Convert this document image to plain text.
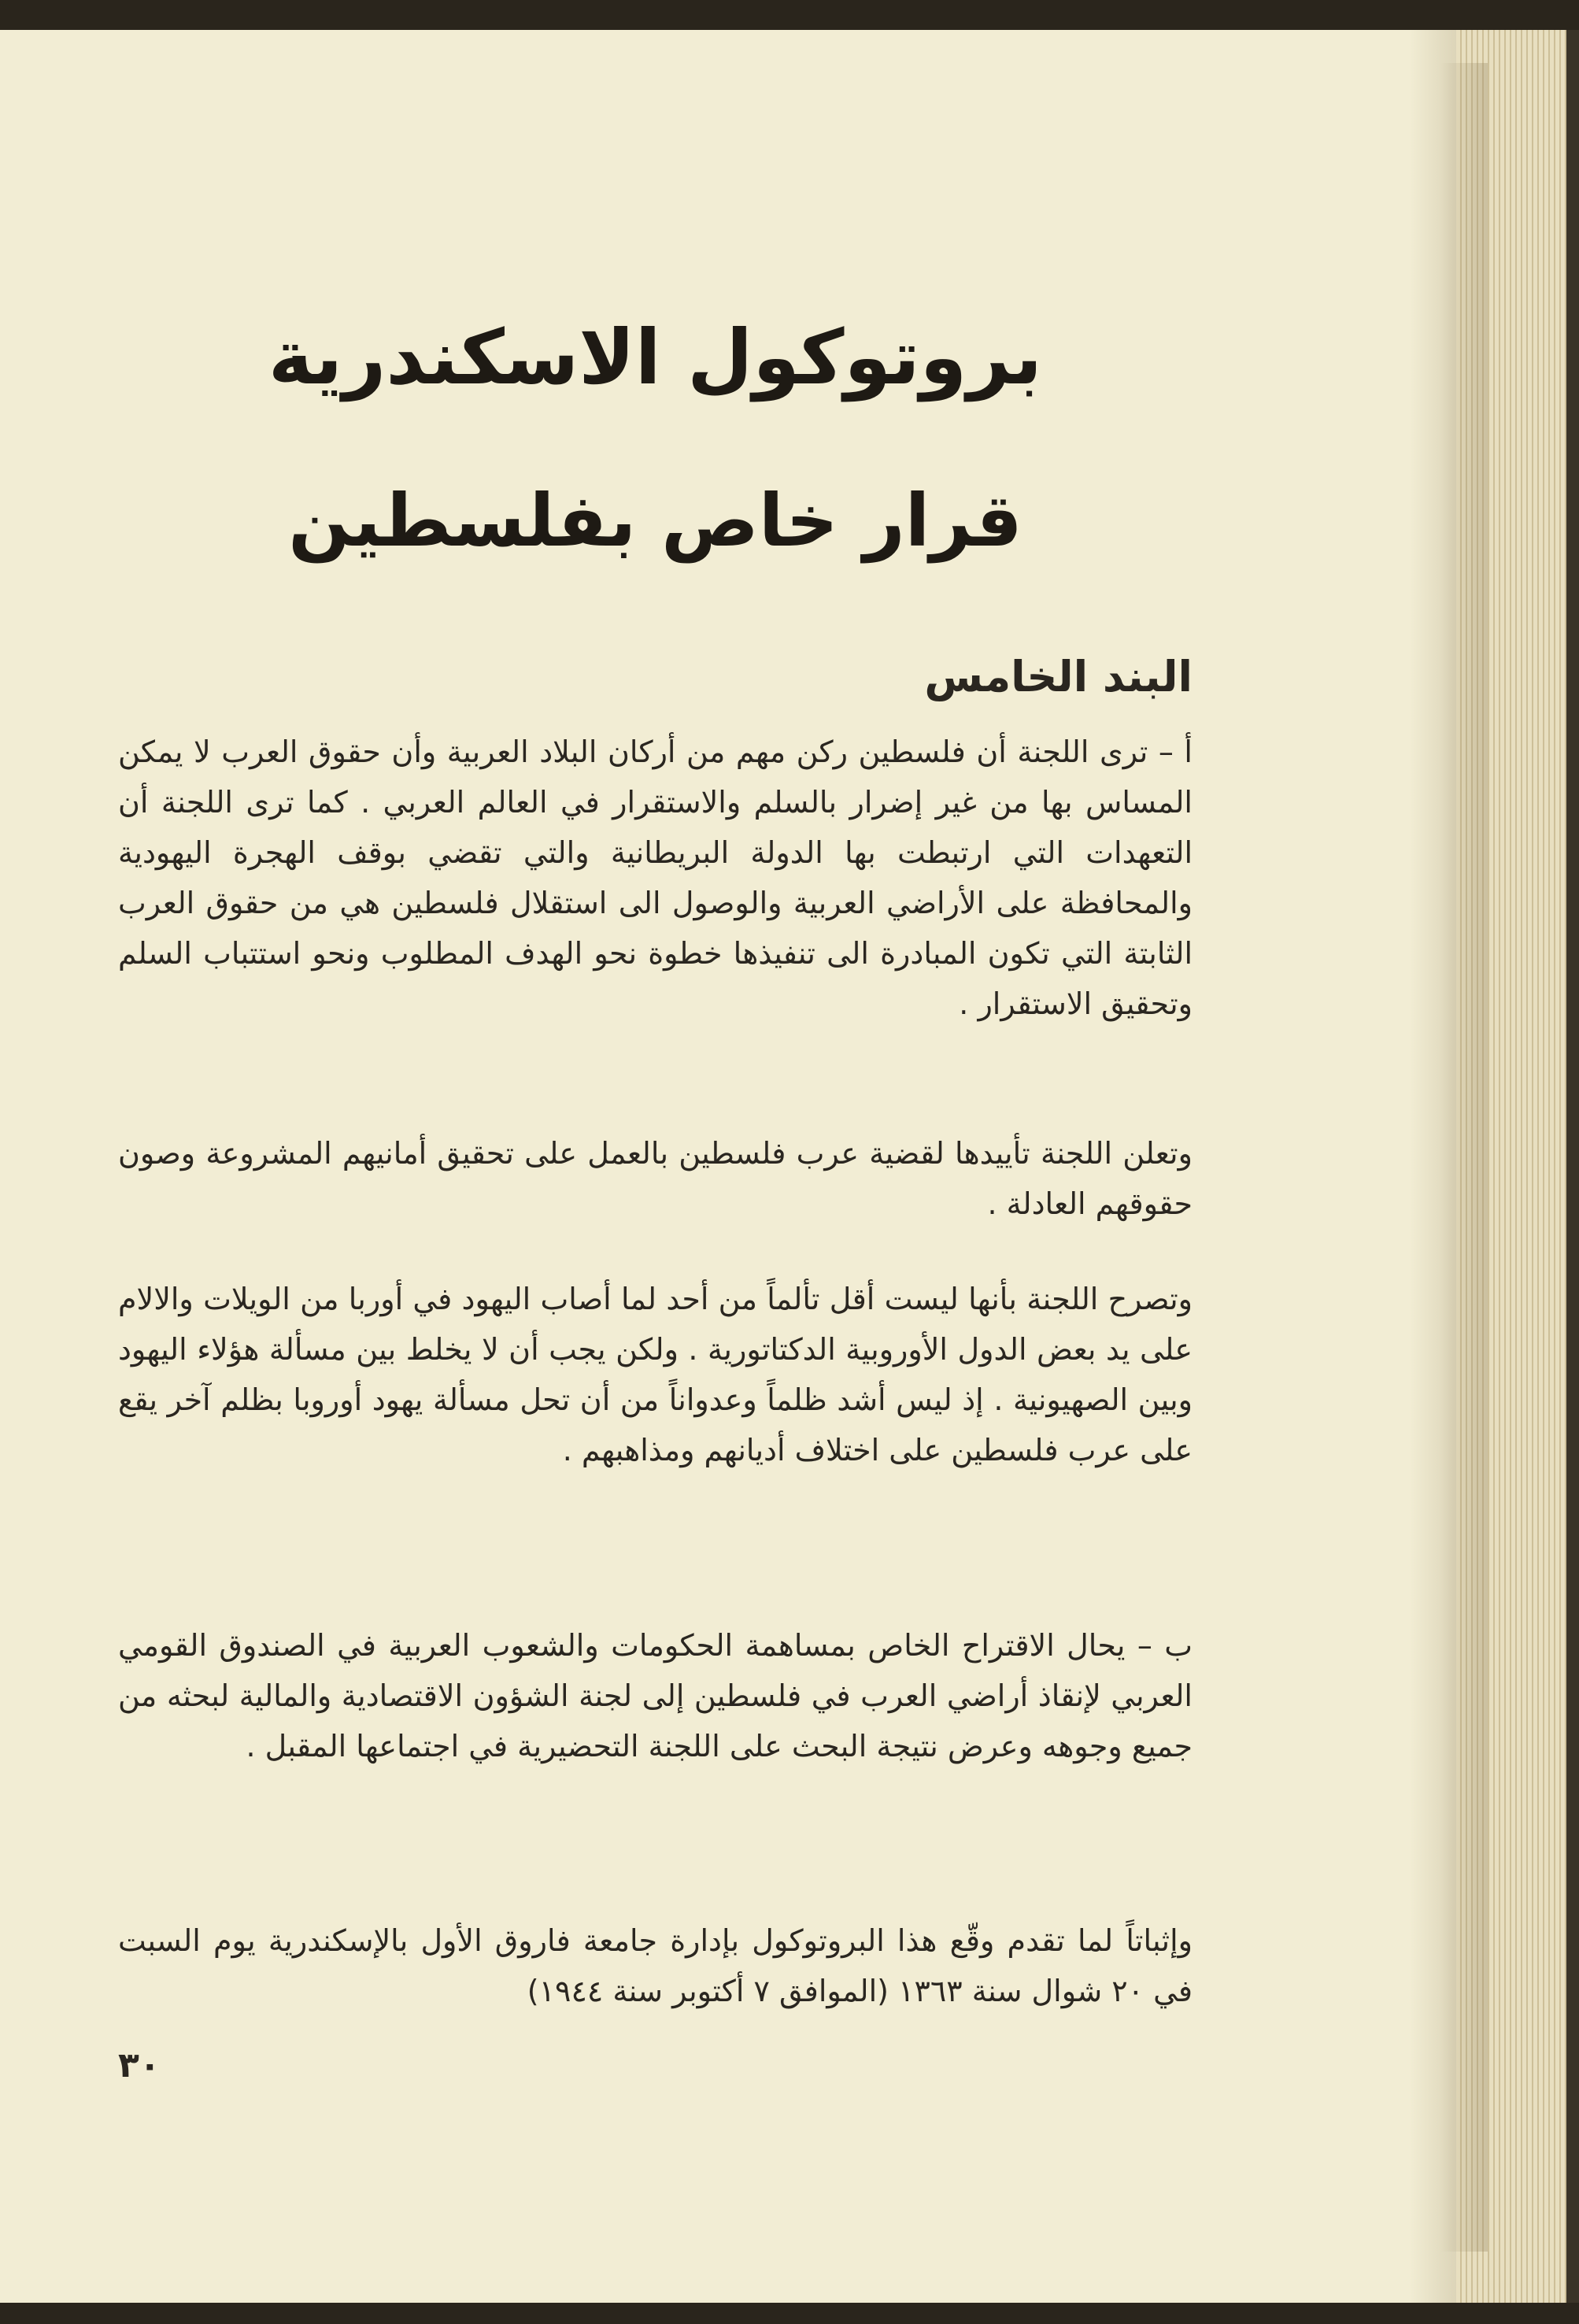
بروتوكول الاسكندرية
قرار خاص بفلسطين
البند الخامس
أ – ترى اللجنة أن فلسطين ركن مهم من أركان البلاد العربية وأن حقوق العرب لا يمكن المساس بها من غير إضرار بالسلم والاستقرار في العالم العربي . كما ترى اللجنة أن التعهدات التي ارتبطت بها الدولة البريطانية والتي تقضي بوقف الهجرة اليهودية والمحافظة على الأراضي العربية والوصول الى استقلال فلسطين هي من حقوق العرب الثابتة التي تكون المبادرة الى تنفيذها خطوة نحو الهدف المطلوب ونحو استتباب السلم وتحقيق الاستقرار .
وتعلن اللجنة تأييدها لقضية عرب فلسطين بالعمل على تحقيق أمانيهم المشروعة وصون حقوقهم العادلة .
وتصرح اللجنة بأنها ليست أقل تألماً من أحد لما أصاب اليهود في أوربا من الويلات والالام على يد بعض الدول الأوروبية الدكتاتورية . ولكن يجب أن لا يخلط بين مسألة هؤلاء اليهود وبين الصهيونية . إذ ليس أشد ظلماً وعدواناً من أن تحل مسألة يهود أوروبا بظلم آخر يقع على عرب فلسطين على اختلاف أديانهم ومذاهبهم .
ب – يحال الاقتراح الخاص بمساهمة الحكومات والشعوب العربية في الصندوق القومي العربي لإنقاذ أراضي العرب في فلسطين إلى لجنة الشؤون الاقتصادية والمالية لبحثه من جميع وجوهه وعرض نتيجة البحث على اللجنة التحضيرية في اجتماعها المقبل .
وإثباتاً لما تقدم وقّع هذا البروتوكول بإدارة جامعة فاروق الأول بالإسكندرية يوم السبت في ٢٠ شوال سنة ١٣٦٣ (الموافق ٧ أكتوبر سنة ١٩٤٤)
٣٠
